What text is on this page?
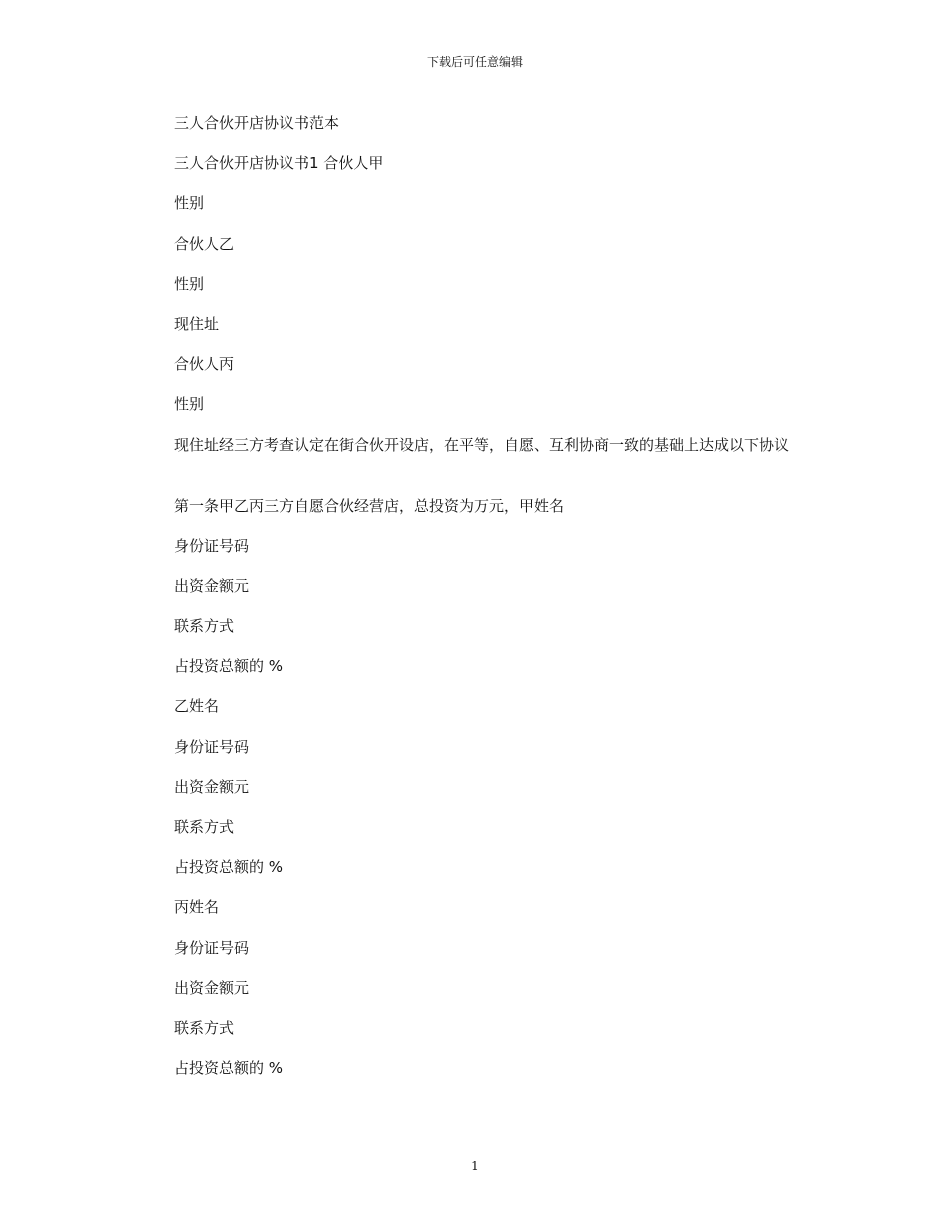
下载后可任意编辑

三人合伙开店协议书范本

三人合伙开店协议书1 合伙人甲

性别

合伙人乙

性别

现住址

合伙人丙

性别

现住址经三方考查认定在街合伙开设店，在平等，自愿、互利协商一致的基础上达成以下协议

第一条甲乙丙三方自愿合伙经营店，总投资为万元，甲姓名

身份证号码

出资金额元

联系方式

占投资总额的 %

乙姓名

身份证号码

出资金额元

联系方式

占投资总额的 %

丙姓名

身份证号码

出资金额元

联系方式

占投资总额的 %

1
